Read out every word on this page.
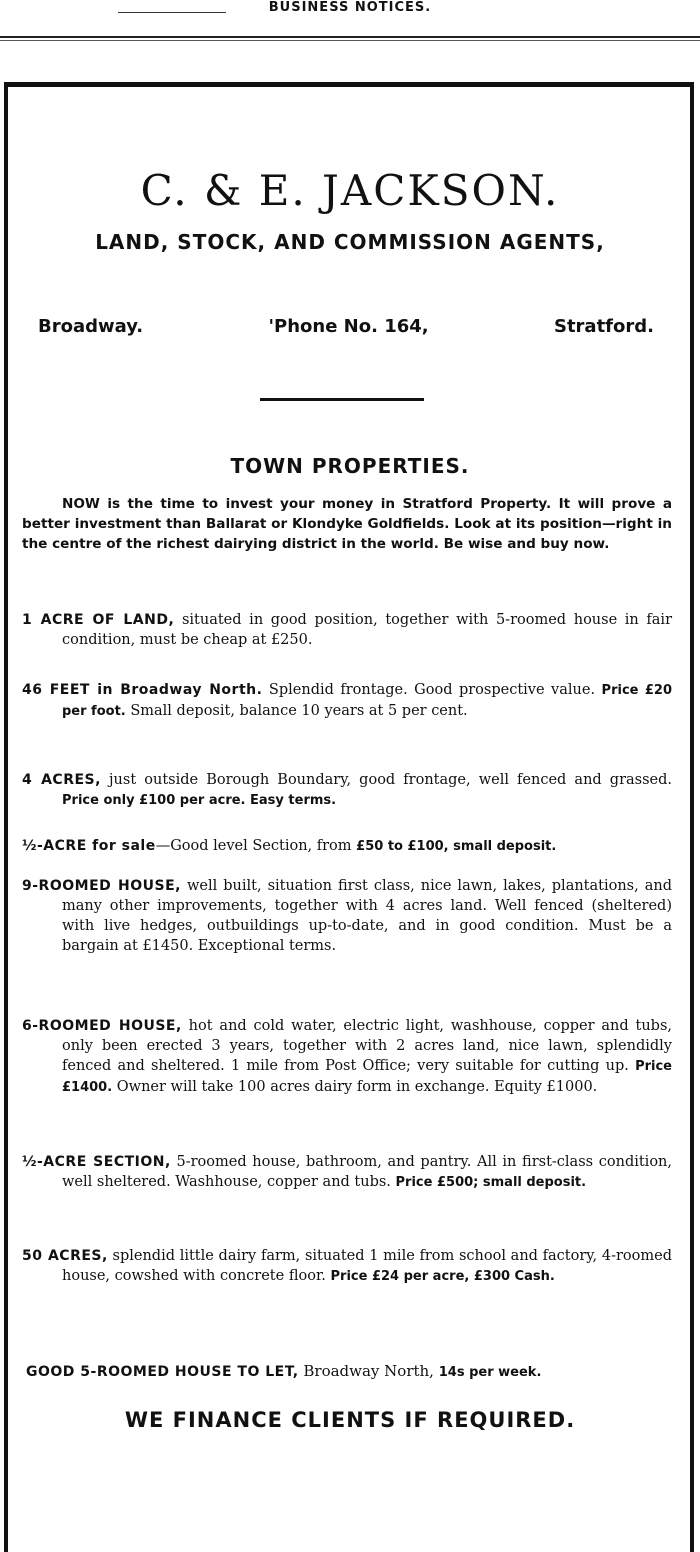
BUSINESS NOTICES.
C. & E. JACKSON.
LAND, STOCK, AND COMMISSION AGENTS,
Broadway.	'Phone No. 164,	Stratford.
TOWN PROPERTIES.
NOW is the time to invest your money in Stratford Property. It will prove a better investment than Ballarat or Klondyke Goldfields. Look at its position—right in the centre of the richest dairying district in the world. Be wise and buy now.
1 ACRE OF LAND, situated in good position, together with 5-roomed house in fair condition, must be cheap at £250.
46 FEET in Broadway North. Splendid frontage. Good prospective value. Price £20 per foot. Small deposit, balance 10 years at 5 per cent.
4 ACRES, just outside Borough Boundary, good frontage, well fenced and grassed. Price only £100 per acre. Easy terms.
½-ACRE for sale—Good level Section, from £50 to £100, small deposit.
9-ROOMED HOUSE, well built, situation first class, nice lawn, lakes, plantations, and many other improvements, together with 4 acres land. Well fenced (sheltered) with live hedges, outbuildings up-to-date, and in good condition. Must be a bargain at £1450. Exceptional terms.
6-ROOMED HOUSE, hot and cold water, electric light, washhouse, copper and tubs, only been erected 3 years, together with 2 acres land, nice lawn, splendidly fenced and sheltered. 1 mile from Post Office; very suitable for cutting up. Price £1400. Owner will take 100 acres dairy form in exchange. Equity £1000.
½-ACRE SECTION, 5-roomed house, bathroom, and pantry. All in first-class condition, well sheltered. Washhouse, copper and tubs. Price £500; small deposit.
50 ACRES, splendid little dairy farm, situated 1 mile from school and factory, 4-roomed house, cowshed with concrete floor. Price £24 per acre, £300 Cash.
GOOD 5-ROOMED HOUSE TO LET, Broadway North, 14s per week.
WE FINANCE CLIENTS IF REQUIRED.
